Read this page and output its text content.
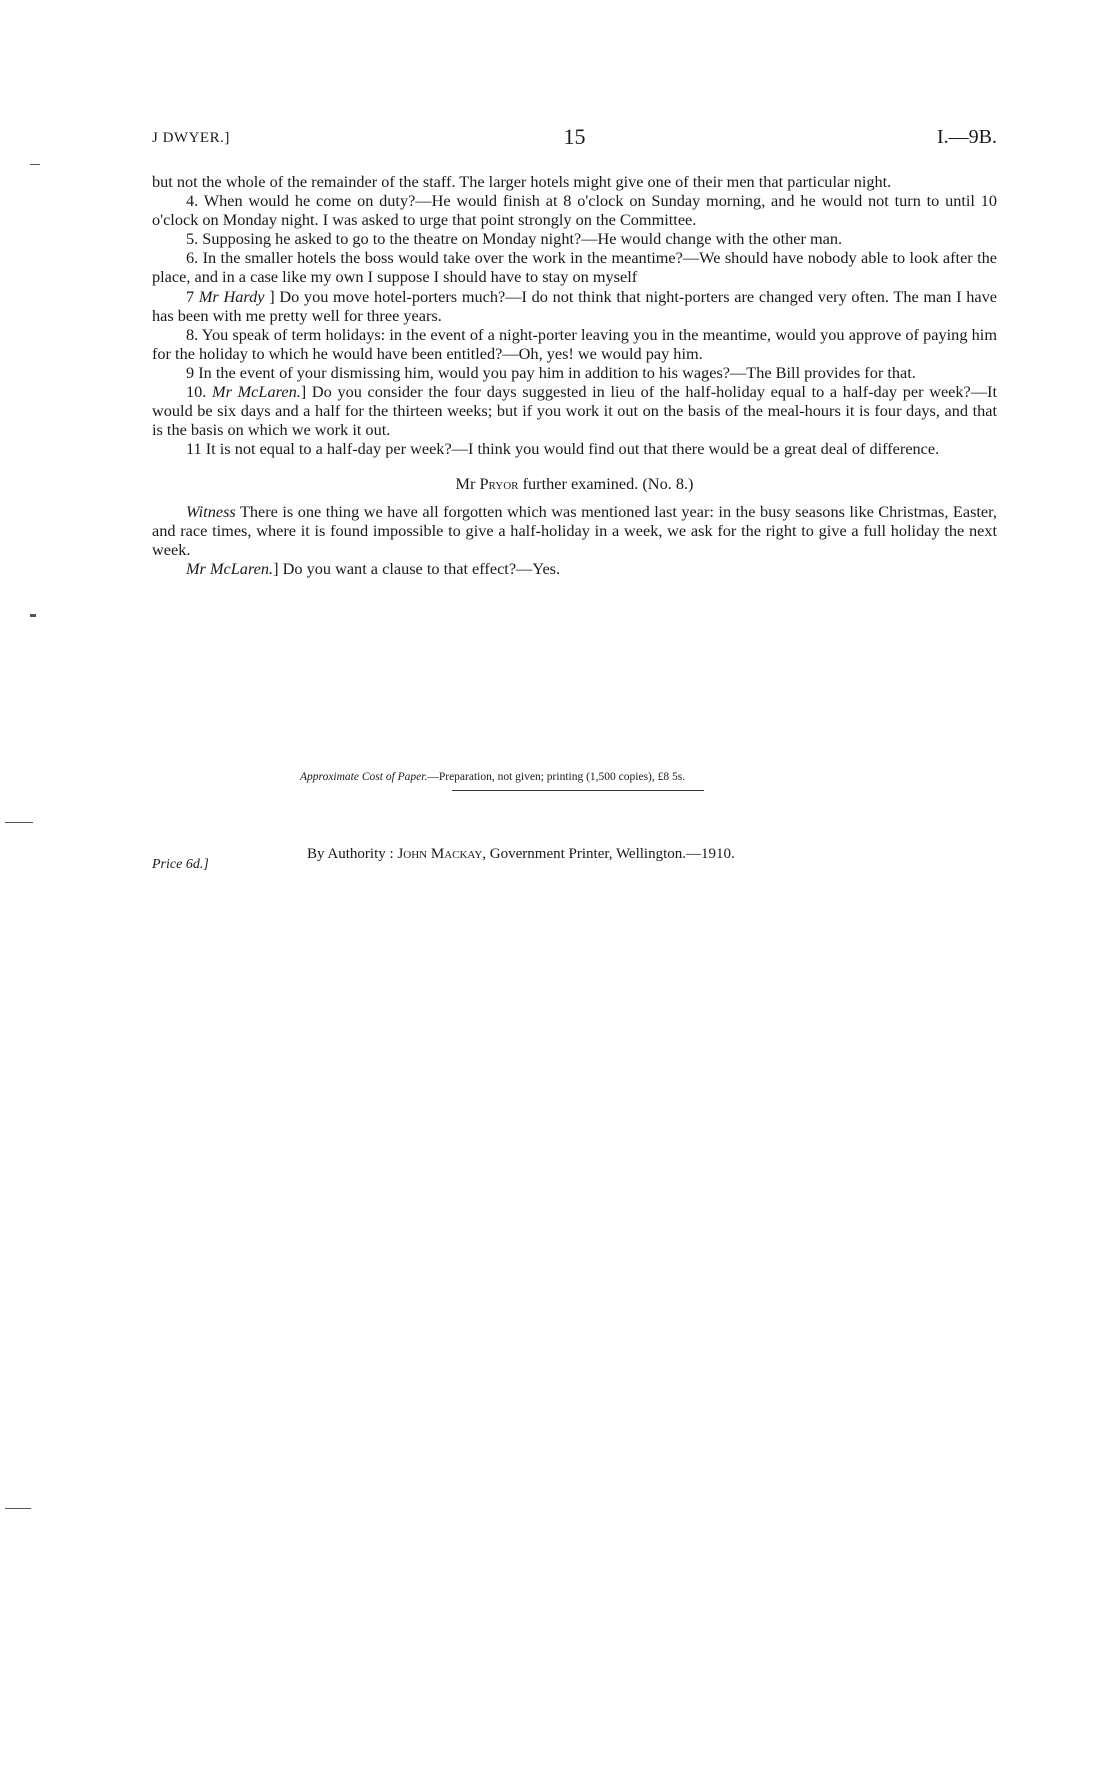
J DWYER.]	15	I.—9B.

but not the whole of the remainder of the staff. The larger hotels might give one of their men that particular night.

4. When would he come on duty?—He would finish at 8 o'clock on Sunday morning, and he would not turn to until 10 o'clock on Monday night. I was asked to urge that point strongly on the Committee.

5. Supposing he asked to go to the theatre on Monday night?—He would change with the other man.

6. In the smaller hotels the boss would take over the work in the meantime?—We should have nobody able to look after the place, and in a case like my own I suppose I should have to stay on myself

7 Mr Hardy ] Do you move hotel-porters much?—I do not think that night-porters are changed very often. The man I have has been with me pretty well for three years.

8. You speak of term holidays: in the event of a night-porter leaving you in the meantime, would you approve of paying him for the holiday to which he would have been entitled?—Oh, yes! we would pay him.

9 In the event of your dismissing him, would you pay him in addition to his wages?—The Bill provides for that.

10. Mr McLaren.] Do you consider the four days suggested in lieu of the half-holiday equal to a half-day per week?—It would be six days and a half for the thirteen weeks; but if you work it out on the basis of the meal-hours it is four days, and that is the basis on which we work it out.

11 It is not equal to a half-day per week?—I think you would find out that there would be a great deal of difference.

Mr Pryor further examined. (No. 8.)

Witness There is one thing we have all forgotten which was mentioned last year: in the busy seasons like Christmas, Easter, and race times, where it is found impossible to give a half-holiday in a week, we ask for the right to give a full holiday the next week.

Mr McLaren.] Do you want a clause to that effect?—Yes.

Approximate Cost of Paper.—Preparation, not given; printing (1,500 copies), £8 5s.
By Authority : John Mackay, Government Printer, Wellington.—1910.
Price 6d.]
